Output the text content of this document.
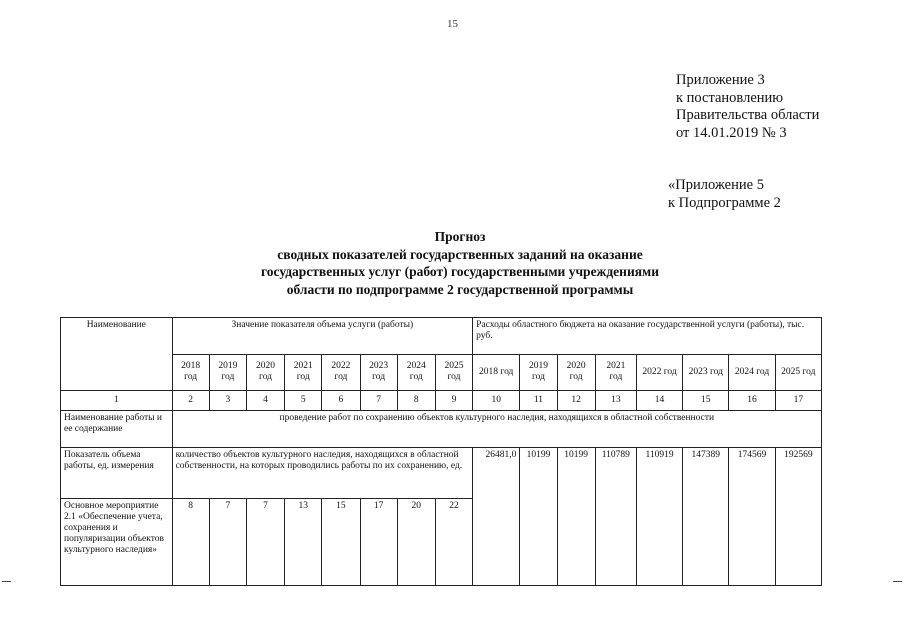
15
Приложение 3
к постановлению
Правительства области
от 14.01.2019 № 3
«Приложение 5
к Подпрограмме 2
Прогноз
сводных показателей государственных заданий на оказание
государственных услуг (работ) государственными учреждениями
области по подпрограмме 2 государственной программы
Наименование	Значение показателя объема услуги (работы)								Расходы областного бюджета на оказание государственной услуги (работы), тыс. руб.							
	2018 год	2019 год	2020 год	2021 год	2022 год	2023 год	2024 год	2025 год	2018 год	2019 год	2020 год	2021 год	2022 год	2023 год	2024 год	2025 год
1	2	3	4	5	6	7	8	9	10	11	12	13	14	15	16	17
Наименование работы и ее содержание	проведение работ по сохранению объектов культурного наследия, находящихся в областной собственности															
Показатель объема работы, ед. измерения	количество объектов культурного наследия, находящихся в областной собственности, на которых проводились работы по их сохранению, ед.								26481,0	10199	10199	110789	110919	147389	174569	192569
Основное мероприятие 2.1 «Обеспечение учета, сохранения и популяризации объектов культурного наследия»	8	7	7	13	15	17	20	22								
